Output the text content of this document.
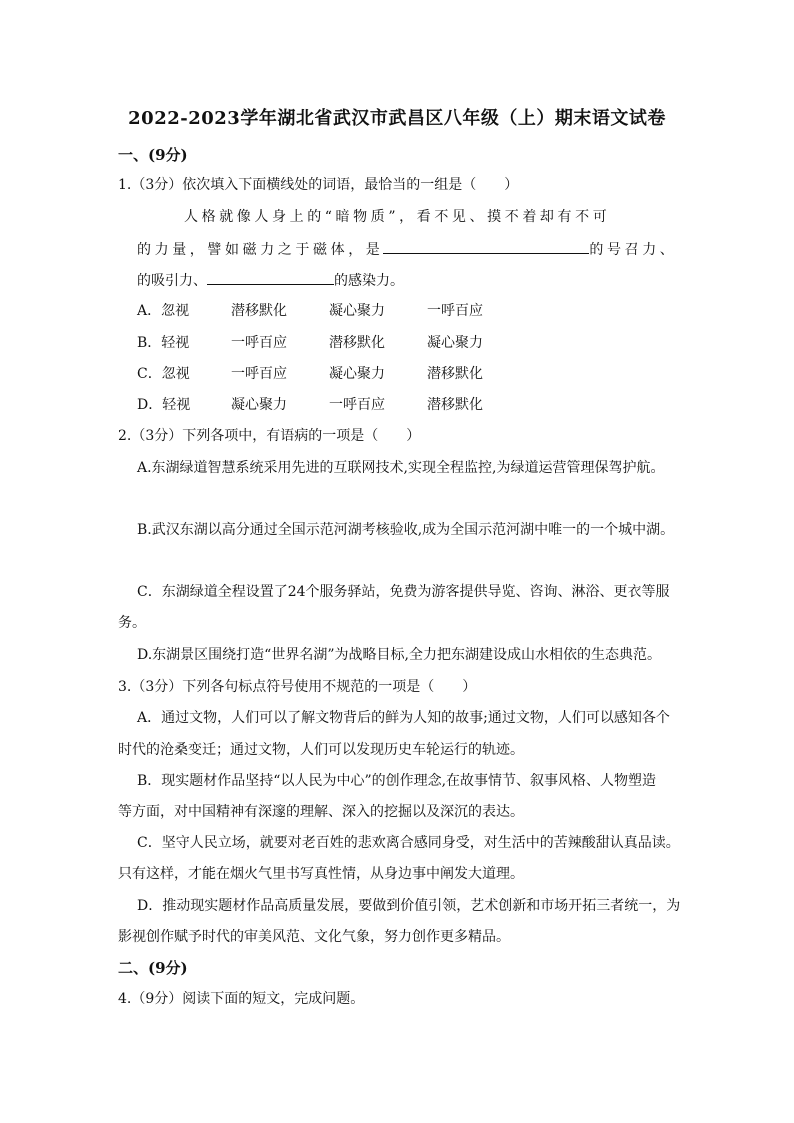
2022-2023学年湖北省武汉市武昌区八年级（上）期末语文试卷
一、(9分)
1.（3分）依次填入下面横线处的词语，最恰当的一组是（　　）
人格就像人身上的“暗物质”，看不见、摸不着却有不可
的力量，譬如磁力之于磁体，是	的号召力、
的吸引力、	的感染力。
A．忽视	潜移默化	凝心聚力	一呼百应
B．轻视	一呼百应	潜移默化	凝心聚力
C．忽视	一呼百应	凝心聚力	潜移默化
D．轻视	凝心聚力	一呼百应	潜移默化
2.（3分）下列各项中，有语病的一项是（　　）
A.东湖绿道智慧系统采用先进的互联网技术,实现全程监控,为绿道运营管理保驾护航。
B.武汉东湖以高分通过全国示范河湖考核验收,成为全国示范河湖中唯一的一个城中湖。
C．东湖绿道全程设置了24个服务驿站，免费为游客提供导览、咨询、淋浴、更衣等服
务。
D.东湖景区围绕打造“世界名湖”为战略目标,全力把东湖建设成山水相依的生态典范。
3.（3分）下列各句标点符号使用不规范的一项是（　　）
A．通过文物，人们可以了解文物背后的鲜为人知的故事;通过文物，人们可以感知各个
时代的沧桑变迁；通过文物，人们可以发现历史车轮运行的轨迹。
B．现实题材作品坚持“以人民为中心”的创作理念,在故事情节、叙事风格、人物塑造
等方面，对中国精神有深邃的理解、深入的挖掘以及深沉的表达。
C．坚守人民立场，就要对老百姓的悲欢离合感同身受，对生活中的苦辣酸甜认真品读。
只有这样，才能在烟火气里书写真性情，从身边事中阐发大道理。
D．推动现实题材作品高质量发展，要做到价值引领，艺术创新和市场开拓三者统一，为
影视创作赋予时代的审美风范、文化气象，努力创作更多精品。
二、(9分)
4.（9分）阅读下面的短文，完成问题。
